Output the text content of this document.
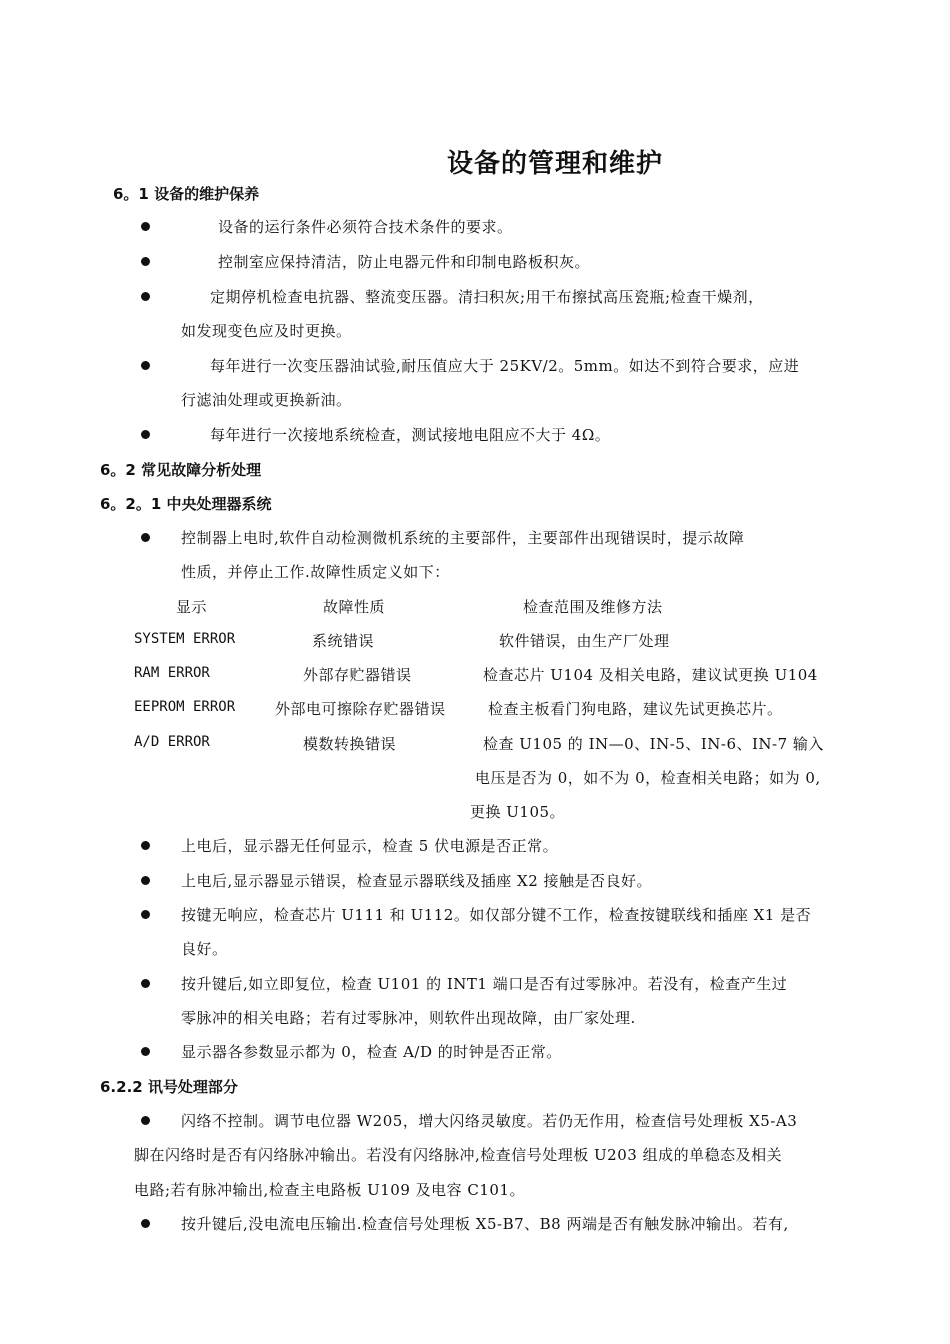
设备的管理和维护
6。1 设备的维护保养
设备的运行条件必须符合技术条件的要求。
控制室应保持清洁，防止电器元件和印制电路板积灰。
定期停机检查电抗器、整流变压器。清扫积灰;用干布擦拭高压瓷瓶;检查干燥剂，
如发现变色应及时更换。
每年进行一次变压器油试验,耐压值应大于 25KV/2。5mm。如达不到符合要求，应进
行滤油处理或更换新油。
每年进行一次接地系统检查，测试接地电阻应不大于 4Ω。
6。2 常见故障分析处理
6。2。1 中央处理器系统
控制器上电时,软件自动检测微机系统的主要部件，主要部件出现错误时，提示故障
性质，并停止工作.故障性质定义如下：
显示	故障性质	检查范围及维修方法
SYSTEM ERROR	系统错误	软件错误，由生产厂处理
RAM ERROR	外部存贮器错误	检查芯片 U104 及相关电路，建议试更换 U104
EEPROM ERROR	外部电可擦除存贮器错误	检查主板看门狗电路，建议先试更换芯片。
A/D ERROR	模数转换错误	检查 U105 的 IN—0、IN-5、IN-6、IN-7 输入
电压是否为 0，如不为 0，检查相关电路；如为 0,
更换 U105。
上电后，显示器无任何显示，检查 5 伏电源是否正常。
上电后,显示器显示错误，检查显示器联线及插座 X2 接触是否良好。
按键无响应，检查芯片 U111 和 U112。如仅部分键不工作，检查按键联线和插座 X1 是否
良好。
按升键后,如立即复位，检查 U101 的 INT1 端口是否有过零脉冲。若没有，检查产生过
零脉冲的相关电路；若有过零脉冲，则软件出现故障，由厂家处理.
显示器各参数显示都为 0，检查 A/D 的时钟是否正常。
6.2.2 讯号处理部分
闪络不控制。调节电位器 W205，增大闪络灵敏度。若仍无作用，检查信号处理板 X5-A3
脚在闪络时是否有闪络脉冲输出。若没有闪络脉冲,检查信号处理板 U203 组成的单稳态及相关
电路;若有脉冲输出,检查主电路板 U109 及电容 C101。
按升键后,没电流电压输出.检查信号处理板 X5-B7、B8 两端是否有触发脉冲输出。若有,
